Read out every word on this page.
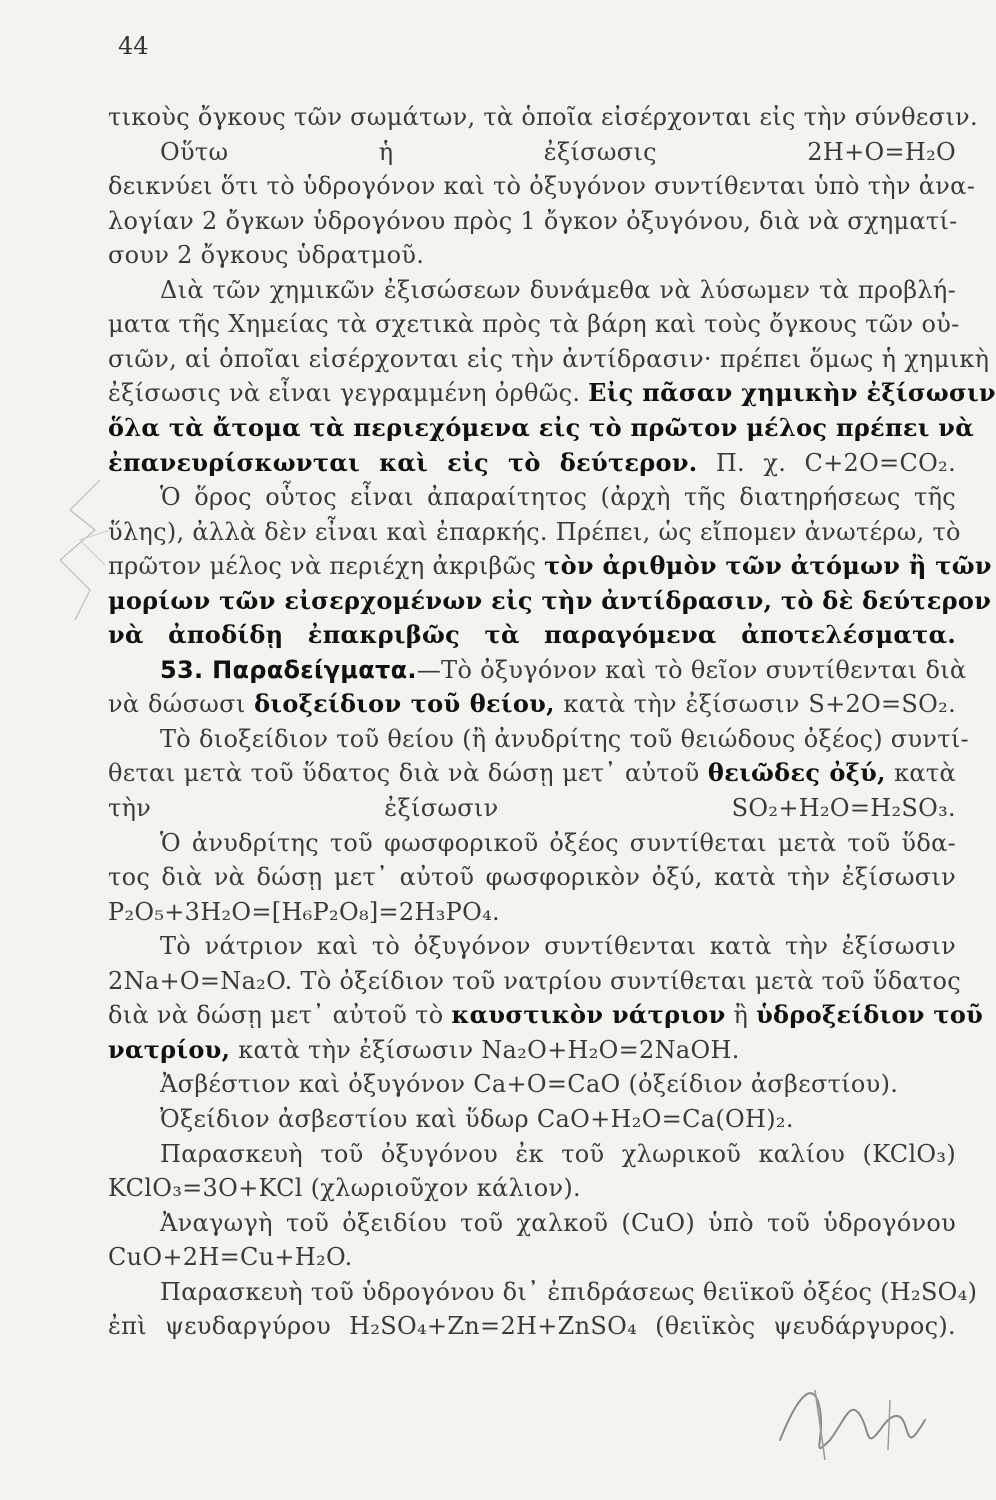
44
τικοὺς ὄγκους τῶν σωμάτων, τὰ ὁποῖα εἰσέρχονται εἰς τὴν σύνθεσιν.
Οὕτω ἡ ἐξίσωσις 2Η+Ο=Η₂Ο
δεικνύει ὅτι τὸ ὑδρογόνον καὶ τὸ ὀξυγόνον συντίθενται ὑπὸ τὴν ἀνα-
λογίαν 2 ὄγκων ὑδρογόνου πρὸς 1 ὄγκον ὀξυγόνου, διὰ νὰ σχηματί-
σουν 2 ὄγκους ὑδρατμοῦ.
Διὰ τῶν χημικῶν ἐξισώσεων δυνάμεθα νὰ λύσωμεν τὰ προβλή-
ματα τῆς Χημείας τὰ σχετικὰ πρὸς τὰ βάρη καὶ τοὺς ὄγκους τῶν οὐ-
σιῶν, αἱ ὁποῖαι εἰσέρχονται εἰς τὴν ἀντίδρασιν· πρέπει ὅμως ἡ χημικὴ
ἐξίσωσις νὰ εἶναι γεγραμμένη ὀρθῶς. Εἰς πᾶσαν χημικὴν ἐξίσωσιν
ὅλα τὰ ἄτομα τὰ περιεχόμενα εἰς τὸ πρῶτον μέλος πρέπει νὰ
ἐπανευρίσκωνται καὶ εἰς τὸ δεύτερον. Π. χ. C+2O=CO₂.
Ὁ ὅρος οὗτος εἶναι ἀπαραίτητος (ἀρχὴ τῆς διατηρήσεως τῆς
ὕλης), ἀλλὰ δὲν εἶναι καὶ ἐπαρκής. Πρέπει, ὡς εἴπομεν ἀνωτέρω, τὸ
πρῶτον μέλος νὰ περιέχη ἀκριβῶς τὸν ἀριθμὸν τῶν ἀτόμων ἢ τῶν
μορίων τῶν εἰσερχομένων εἰς τὴν ἀντίδρασιν, τὸ δὲ δεύτερον
νὰ ἀποδίδῃ ἐπακριβῶς τὰ παραγόμενα ἀποτελέσματα.
53. Παραδείγματα.—Τὸ ὀξυγόνον καὶ τὸ θεῖον συντίθενται διὰ
νὰ δώσωσι διοξείδιον τοῦ θείου, κατὰ τὴν ἐξίσωσιν S+2O=SO₂.
Τὸ διοξείδιον τοῦ θείου (ἢ ἀνυδρίτης τοῦ θειώδους ὀξέος) συντί-
θεται μετὰ τοῦ ὕδατος διὰ νὰ δώσῃ μετ᾽ αὐτοῦ θειῶδες ὀξύ, κατὰ
τὴν ἐξίσωσιν SO₂+H₂O=H₂SO₃.
Ὁ ἀνυδρίτης τοῦ φωσφορικοῦ ὀξέος συντίθεται μετὰ τοῦ ὕδα-
τος διὰ νὰ δώσῃ μετ᾽ αὐτοῦ φωσφορικὸν ὀξύ, κατὰ τὴν ἐξίσωσιν
P₂O₅+3H₂O=[H₆P₂O₈]=2H₃PO₄.
Τὸ νάτριον καὶ τὸ ὀξυγόνον συντίθενται κατὰ τὴν ἐξίσωσιν
2Na+O=Na₂O. Τὸ ὀξείδιον τοῦ νατρίου συντίθεται μετὰ τοῦ ὕδατος
διὰ νὰ δώσῃ μετ᾽ αὐτοῦ τὸ καυστικὸν νάτριον ἢ ὑδροξείδιον τοῦ
νατρίου, κατὰ τὴν ἐξίσωσιν Na₂O+H₂O=2NaOH.
Ἀσβέστιον καὶ ὀξυγόνον Ca+O=CaO (ὀξείδιον ἀσβεστίου).
Ὀξείδιον ἀσβεστίου καὶ ὕδωρ CaO+H₂O=Ca(OH)₂.
Παρασκευὴ τοῦ ὀξυγόνου ἐκ τοῦ χλωρικοῦ καλίου (KClO₃)
KClO₃=3O+KCl (χλωριοῦχον κάλιον).
Ἀναγωγὴ τοῦ ὀξειδίου τοῦ χαλκοῦ (CuO) ὑπὸ τοῦ ὑδρογόνου
CuO+2H=Cu+H₂O.
Παρασκευὴ τοῦ ὑδρογόνου δι᾽ ἐπιδράσεως θειϊκοῦ ὀξέος (H₂SO₄)
ἐπὶ ψευδαργύρου H₂SO₄+Zn=2H+ZnSO₄ (θειϊκὸς ψευδάργυρος).
